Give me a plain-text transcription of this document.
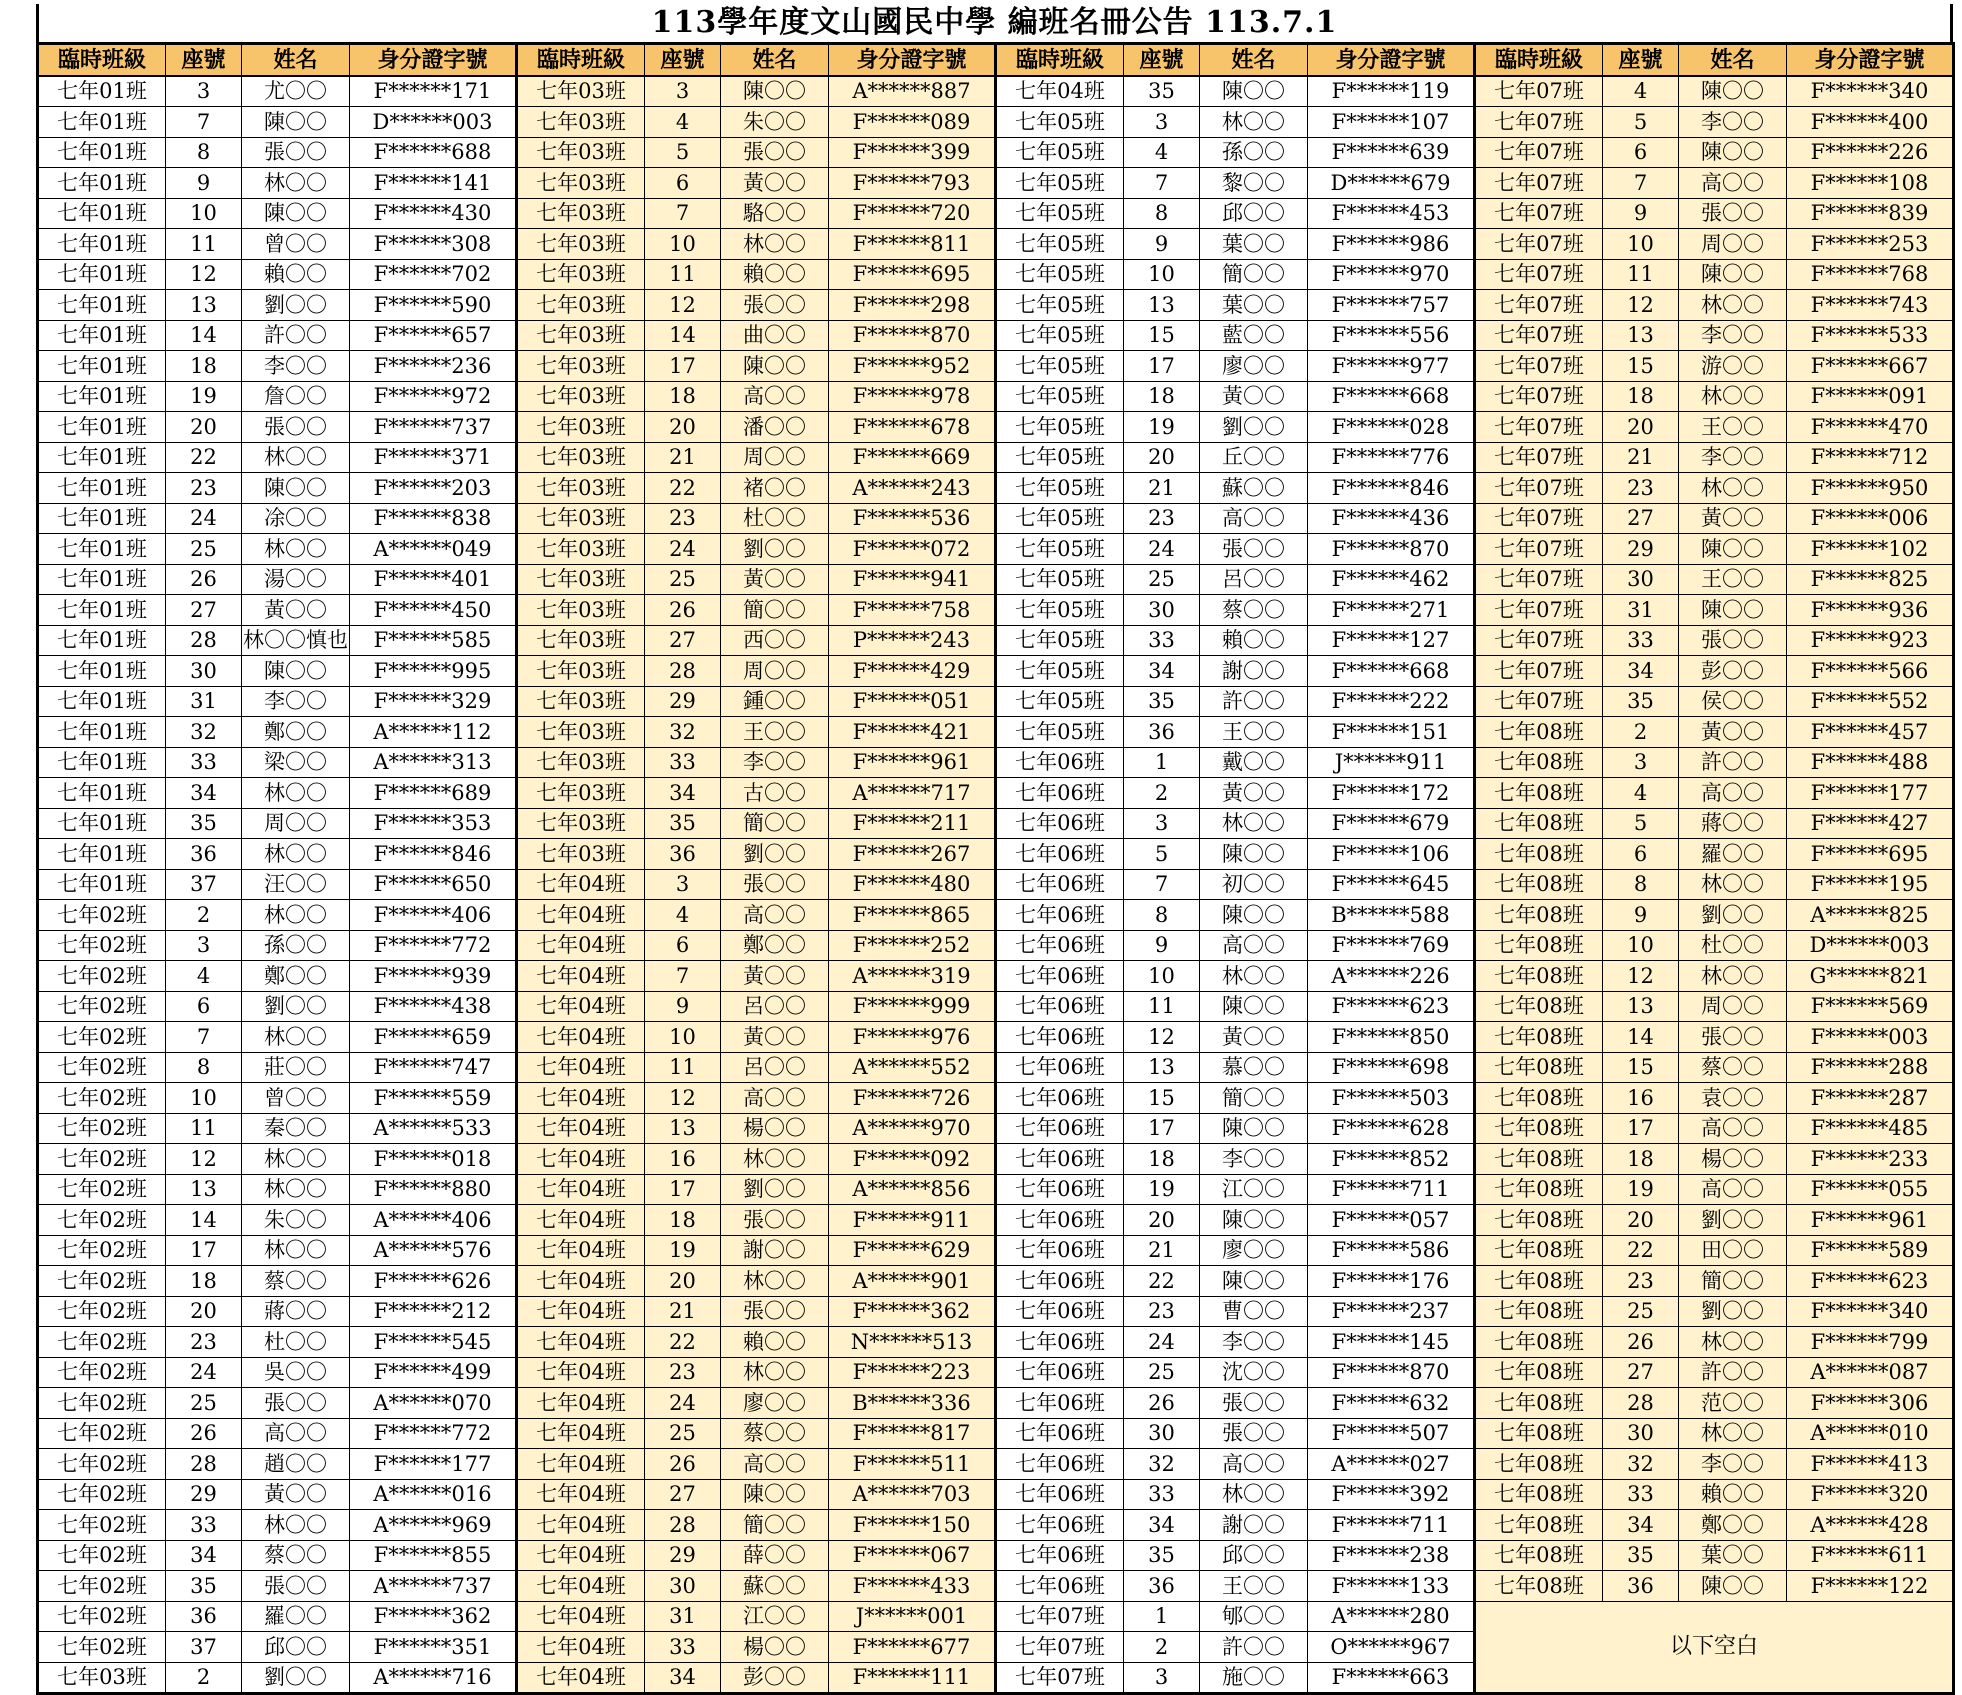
113學年度文山國民中學 編班名冊公告 113.7.1
臨時班級	座號	姓名	身分證字號	臨時班級	座號	姓名	身分證字號	臨時班級	座號	姓名	身分證字號	臨時班級	座號	姓名	身分證字號
七年01班	3	尤〇〇	F******171	七年03班	3	陳〇〇	A******887	七年04班	35	陳〇〇	F******119	七年07班	4	陳〇〇	F******340
七年01班	7	陳〇〇	D******003	七年03班	4	朱〇〇	F******089	七年05班	3	林〇〇	F******107	七年07班	5	李〇〇	F******400
七年01班	8	張〇〇	F******688	七年03班	5	張〇〇	F******399	七年05班	4	孫〇〇	F******639	七年07班	6	陳〇〇	F******226
七年01班	9	林〇〇	F******141	七年03班	6	黃〇〇	F******793	七年05班	7	黎〇〇	D******679	七年07班	7	高〇〇	F******108
七年01班	10	陳〇〇	F******430	七年03班	7	駱〇〇	F******720	七年05班	8	邱〇〇	F******453	七年07班	9	張〇〇	F******839
七年01班	11	曾〇〇	F******308	七年03班	10	林〇〇	F******811	七年05班	9	葉〇〇	F******986	七年07班	10	周〇〇	F******253
七年01班	12	賴〇〇	F******702	七年03班	11	賴〇〇	F******695	七年05班	10	簡〇〇	F******970	七年07班	11	陳〇〇	F******768
七年01班	13	劉〇〇	F******590	七年03班	12	張〇〇	F******298	七年05班	13	葉〇〇	F******757	七年07班	12	林〇〇	F******743
七年01班	14	許〇〇	F******657	七年03班	14	曲〇〇	F******870	七年05班	15	藍〇〇	F******556	七年07班	13	李〇〇	F******533
七年01班	18	李〇〇	F******236	七年03班	17	陳〇〇	F******952	七年05班	17	廖〇〇	F******977	七年07班	15	游〇〇	F******667
七年01班	19	詹〇〇	F******972	七年03班	18	高〇〇	F******978	七年05班	18	黃〇〇	F******668	七年07班	18	林〇〇	F******091
七年01班	20	張〇〇	F******737	七年03班	20	潘〇〇	F******678	七年05班	19	劉〇〇	F******028	七年07班	20	王〇〇	F******470
七年01班	22	林〇〇	F******371	七年03班	21	周〇〇	F******669	七年05班	20	丘〇〇	F******776	七年07班	21	李〇〇	F******712
七年01班	23	陳〇〇	F******203	七年03班	22	褚〇〇	A******243	七年05班	21	蘇〇〇	F******846	七年07班	23	林〇〇	F******950
七年01班	24	凃〇〇	F******838	七年03班	23	杜〇〇	F******536	七年05班	23	高〇〇	F******436	七年07班	27	黃〇〇	F******006
七年01班	25	林〇〇	A******049	七年03班	24	劉〇〇	F******072	七年05班	24	張〇〇	F******870	七年07班	29	陳〇〇	F******102
七年01班	26	湯〇〇	F******401	七年03班	25	黃〇〇	F******941	七年05班	25	呂〇〇	F******462	七年07班	30	王〇〇	F******825
七年01班	27	黃〇〇	F******450	七年03班	26	簡〇〇	F******758	七年05班	30	蔡〇〇	F******271	七年07班	31	陳〇〇	F******936
七年01班	28	林〇〇慎也	F******585	七年03班	27	西〇〇	P******243	七年05班	33	賴〇〇	F******127	七年07班	33	張〇〇	F******923
七年01班	30	陳〇〇	F******995	七年03班	28	周〇〇	F******429	七年05班	34	謝〇〇	F******668	七年07班	34	彭〇〇	F******566
七年01班	31	李〇〇	F******329	七年03班	29	鍾〇〇	F******051	七年05班	35	許〇〇	F******222	七年07班	35	侯〇〇	F******552
七年01班	32	鄭〇〇	A******112	七年03班	32	王〇〇	F******421	七年05班	36	王〇〇	F******151	七年08班	2	黃〇〇	F******457
七年01班	33	梁〇〇	A******313	七年03班	33	李〇〇	F******961	七年06班	1	戴〇〇	J******911	七年08班	3	許〇〇	F******488
七年01班	34	林〇〇	F******689	七年03班	34	古〇〇	A******717	七年06班	2	黃〇〇	F******172	七年08班	4	高〇〇	F******177
七年01班	35	周〇〇	F******353	七年03班	35	簡〇〇	F******211	七年06班	3	林〇〇	F******679	七年08班	5	蔣〇〇	F******427
七年01班	36	林〇〇	F******846	七年03班	36	劉〇〇	F******267	七年06班	5	陳〇〇	F******106	七年08班	6	羅〇〇	F******695
七年01班	37	汪〇〇	F******650	七年04班	3	張〇〇	F******480	七年06班	7	初〇〇	F******645	七年08班	8	林〇〇	F******195
七年02班	2	林〇〇	F******406	七年04班	4	高〇〇	F******865	七年06班	8	陳〇〇	B******588	七年08班	9	劉〇〇	A******825
七年02班	3	孫〇〇	F******772	七年04班	6	鄭〇〇	F******252	七年06班	9	高〇〇	F******769	七年08班	10	杜〇〇	D******003
七年02班	4	鄭〇〇	F******939	七年04班	7	黃〇〇	A******319	七年06班	10	林〇〇	A******226	七年08班	12	林〇〇	G******821
七年02班	6	劉〇〇	F******438	七年04班	9	呂〇〇	F******999	七年06班	11	陳〇〇	F******623	七年08班	13	周〇〇	F******569
七年02班	7	林〇〇	F******659	七年04班	10	黃〇〇	F******976	七年06班	12	黃〇〇	F******850	七年08班	14	張〇〇	F******003
七年02班	8	莊〇〇	F******747	七年04班	11	呂〇〇	A******552	七年06班	13	慕〇〇	F******698	七年08班	15	蔡〇〇	F******288
七年02班	10	曾〇〇	F******559	七年04班	12	高〇〇	F******726	七年06班	15	簡〇〇	F******503	七年08班	16	袁〇〇	F******287
七年02班	11	秦〇〇	A******533	七年04班	13	楊〇〇	A******970	七年06班	17	陳〇〇	F******628	七年08班	17	高〇〇	F******485
七年02班	12	林〇〇	F******018	七年04班	16	林〇〇	F******092	七年06班	18	李〇〇	F******852	七年08班	18	楊〇〇	F******233
七年02班	13	林〇〇	F******880	七年04班	17	劉〇〇	A******856	七年06班	19	江〇〇	F******711	七年08班	19	高〇〇	F******055
七年02班	14	朱〇〇	A******406	七年04班	18	張〇〇	F******911	七年06班	20	陳〇〇	F******057	七年08班	20	劉〇〇	F******961
七年02班	17	林〇〇	A******576	七年04班	19	謝〇〇	F******629	七年06班	21	廖〇〇	F******586	七年08班	22	田〇〇	F******589
七年02班	18	蔡〇〇	F******626	七年04班	20	林〇〇	A******901	七年06班	22	陳〇〇	F******176	七年08班	23	簡〇〇	F******623
七年02班	20	蔣〇〇	F******212	七年04班	21	張〇〇	F******362	七年06班	23	曹〇〇	F******237	七年08班	25	劉〇〇	F******340
七年02班	23	杜〇〇	F******545	七年04班	22	賴〇〇	N******513	七年06班	24	李〇〇	F******145	七年08班	26	林〇〇	F******799
七年02班	24	吳〇〇	F******499	七年04班	23	林〇〇	F******223	七年06班	25	沈〇〇	F******870	七年08班	27	許〇〇	A******087
七年02班	25	張〇〇	A******070	七年04班	24	廖〇〇	B******336	七年06班	26	張〇〇	F******632	七年08班	28	范〇〇	F******306
七年02班	26	高〇〇	F******772	七年04班	25	蔡〇〇	F******817	七年06班	30	張〇〇	F******507	七年08班	30	林〇〇	A******010
七年02班	28	趙〇〇	F******177	七年04班	26	高〇〇	F******511	七年06班	32	高〇〇	A******027	七年08班	32	李〇〇	F******413
七年02班	29	黃〇〇	A******016	七年04班	27	陳〇〇	A******703	七年06班	33	林〇〇	F******392	七年08班	33	賴〇〇	F******320
七年02班	33	林〇〇	A******969	七年04班	28	簡〇〇	F******150	七年06班	34	謝〇〇	F******711	七年08班	34	鄭〇〇	A******428
七年02班	34	蔡〇〇	F******855	七年04班	29	薛〇〇	F******067	七年06班	35	邱〇〇	F******238	七年08班	35	葉〇〇	F******611
七年02班	35	張〇〇	A******737	七年04班	30	蘇〇〇	F******433	七年06班	36	王〇〇	F******133	七年08班	36	陳〇〇	F******122
七年02班	36	羅〇〇	F******362	七年04班	31	江〇〇	J******001	七年07班	1	郇〇〇	A******280	以下空白			
七年02班	37	邱〇〇	F******351	七年04班	33	楊〇〇	F******677	七年07班	2	許〇〇	O******967				
七年03班	2	劉〇〇	A******716	七年04班	34	彭〇〇	F******111	七年07班	3	施〇〇	F******663				
